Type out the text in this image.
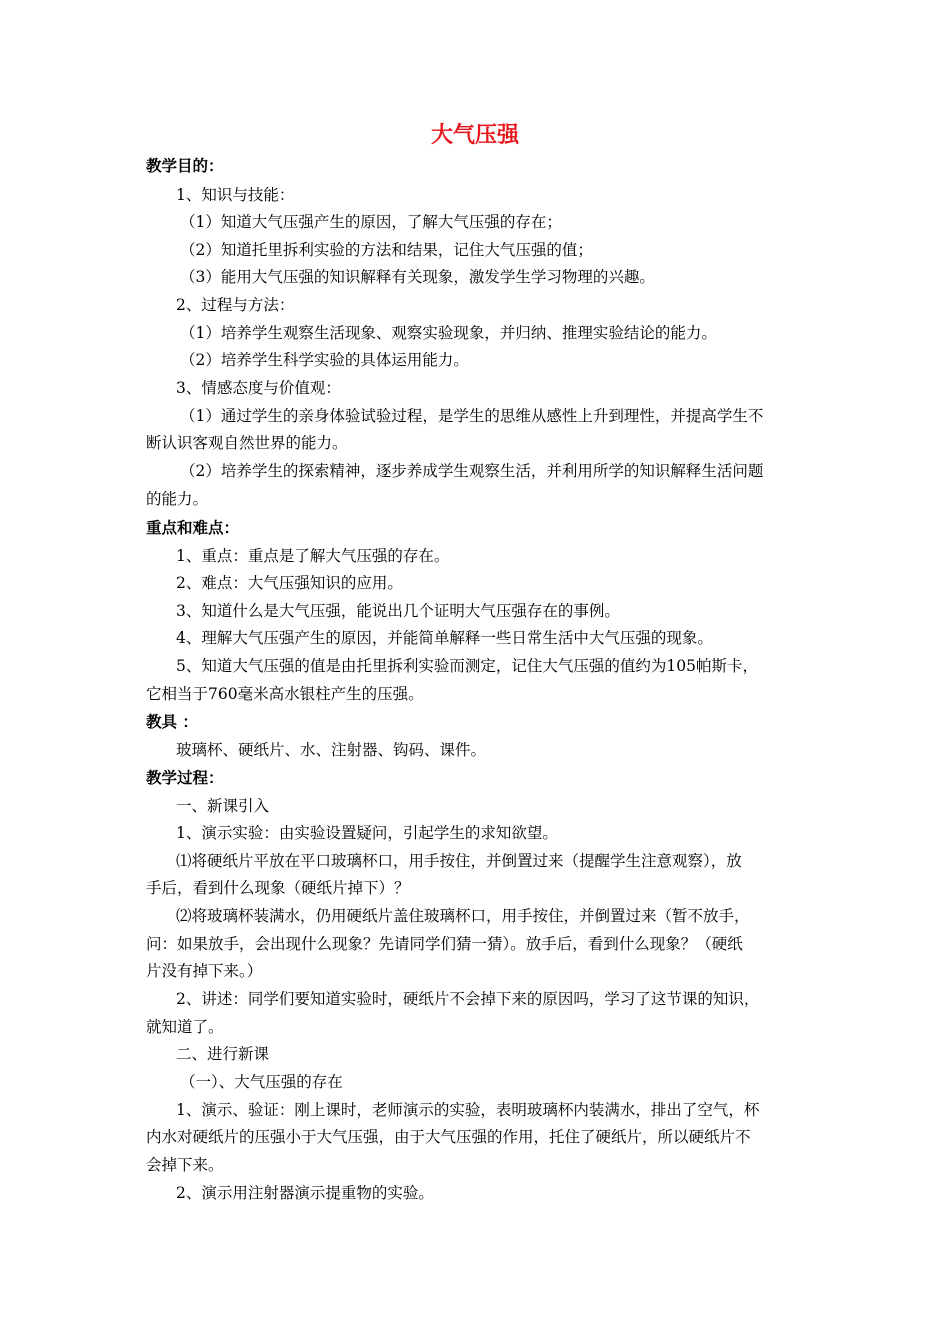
大气压强
教学目的：
1、知识与技能：
（1）知道大气压强产生的原因，了解大气压强的存在；
（2）知道托里拆利实验的方法和结果，记住大气压强的值；
（3）能用大气压强的知识解释有关现象，激发学生学习物理的兴趣。
2、过程与方法：
（1）培养学生观察生活现象、观察实验现象，并归纳、推理实验结论的能力。
（2）培养学生科学实验的具体运用能力。
3、情感态度与价值观：
（1）通过学生的亲身体验试验过程，是学生的思维从感性上升到理性，并提高学生不
断认识客观自然世界的能力。
（2）培养学生的探索精神，逐步养成学生观察生活，并利用所学的知识解释生活问题
的能力。
重点和难点：
1、重点：重点是了解大气压强的存在。
2、难点：大气压强知识的应用。
3、知道什么是大气压强，能说出几个证明大气压强存在的事例。
4、理解大气压强产生的原因，并能简单解释一些日常生活中大气压强的现象。
5、知道大气压强的值是由托里拆利实验而测定，记住大气压强的值约为105帕斯卡，
它相当于760毫米高水银柱产生的压强。
教具 ：
玻璃杯、硬纸片、水、注射器、钩码、课件。
教学过程：
一、新课引入
1、演示实验：由实验设置疑问，引起学生的求知欲望。
⑴将硬纸片平放在平口玻璃杯口，用手按住，并倒置过来（提醒学生注意观察），放
手后，看到什么现象（硬纸片掉下）？
⑵将玻璃杯装满水，仍用硬纸片盖住玻璃杯口，用手按住，并倒置过来（暂不放手，
问：如果放手，会出现什么现象？先请同学们猜一猜）。放手后，看到什么现象？（硬纸
片没有掉下来。）
2、讲述：同学们要知道实验时，硬纸片不会掉下来的原因吗，学习了这节课的知识，
就知道了。
二、进行新课
（一）、大气压强的存在
1、演示、验证：刚上课时，老师演示的实验，表明玻璃杯内装满水，排出了空气，杯
内水对硬纸片的压强小于大气压强，由于大气压强的作用，托住了硬纸片，所以硬纸片不
会掉下来。
2、演示用注射器演示提重物的实验。
